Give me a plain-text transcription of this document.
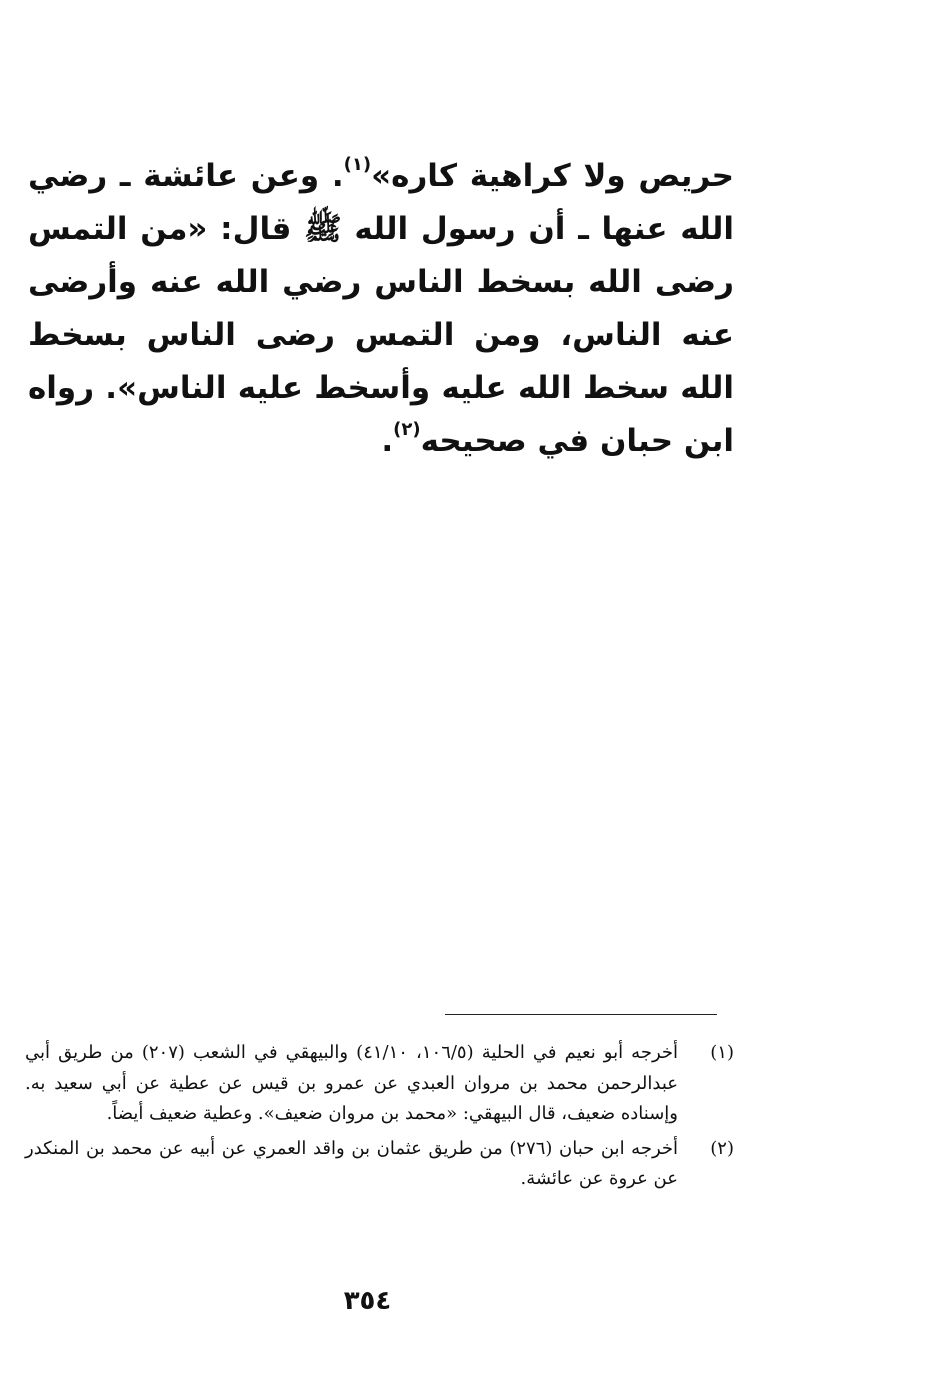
حريص ولا كراهية كاره»$^{(١)}$. وعن عائشة ـ رضي الله عنها ـ أن رسول الله ﷺ قال: «من التمس رضى الله بسخط الناس رضي الله عنه وأرضى عنه الناس، ومن التمس رضى الناس بسخط الله سخط الله عليه وأسخط عليه الناس». رواه ابن حبان في صحيحه$^{(٢)}$.

(١)
أخرجه أبو نعيم في الحلية (١٠٦/٥، ٤١/١٠) والبيهقي في الشعب (٢٠٧) من طريق أبي عبدالرحمن محمد بن مروان العبدي عن عمرو بن قيس عن عطية عن أبي سعيد به. وإسناده ضعيف، قال البيهقي: «محمد بن مروان ضعيف». وعطية ضعيف أيضاً.
(٢)
أخرجه ابن حبان (٢٧٦) من طريق عثمان بن واقد العمري عن أبيه عن محمد بن المنكدر عن عروة عن عائشة.
٣٥٤
